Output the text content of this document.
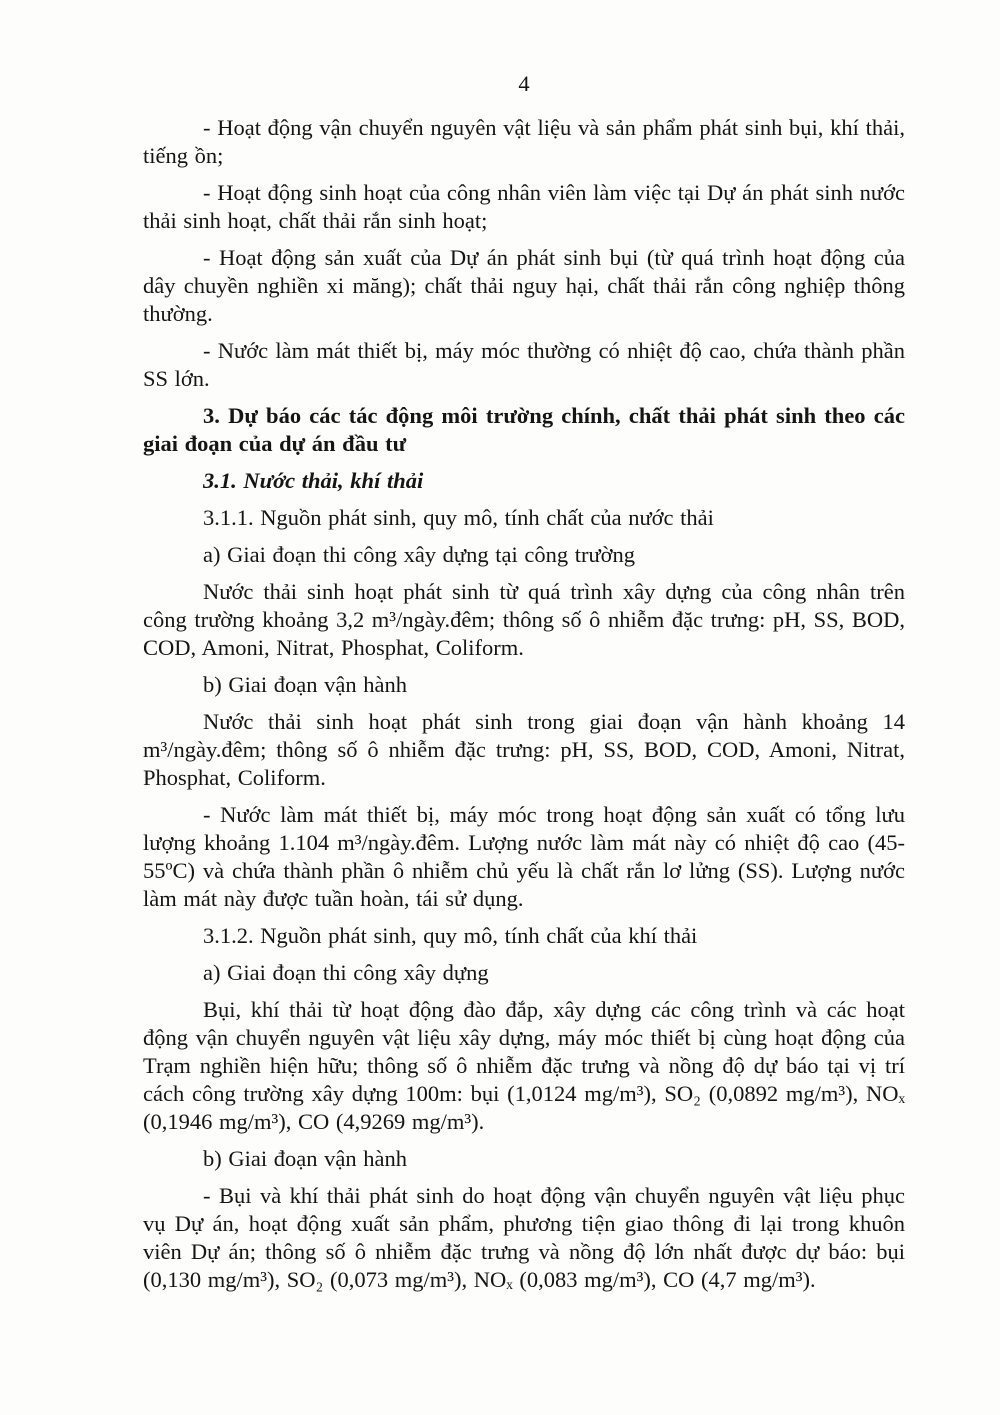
4

- Hoạt động vận chuyển nguyên vật liệu và sản phẩm phát sinh bụi, khí thải, tiếng ồn;

- Hoạt động sinh hoạt của công nhân viên làm việc tại Dự án phát sinh nước thải sinh hoạt, chất thải rắn sinh hoạt;

- Hoạt động sản xuất của Dự án phát sinh bụi (từ quá trình hoạt động của dây chuyền nghiền xi măng); chất thải nguy hại, chất thải rắn công nghiệp thông thường.

- Nước làm mát thiết bị, máy móc thường có nhiệt độ cao, chứa thành phần SS lớn.

3. Dự báo các tác động môi trường chính, chất thải phát sinh theo các giai đoạn của dự án đầu tư

3.1. Nước thải, khí thải

3.1.1. Nguồn phát sinh, quy mô, tính chất của nước thải

a) Giai đoạn thi công xây dựng tại công trường

Nước thải sinh hoạt phát sinh từ quá trình xây dựng của công nhân trên công trường khoảng 3,2 m³/ngày.đêm; thông số ô nhiễm đặc trưng: pH, SS, BOD, COD, Amoni, Nitrat, Phosphat, Coliform.

b) Giai đoạn vận hành

Nước thải sinh hoạt phát sinh trong giai đoạn vận hành khoảng 14 m³/ngày.đêm; thông số ô nhiễm đặc trưng: pH, SS, BOD, COD, Amoni, Nitrat, Phosphat, Coliform.

- Nước làm mát thiết bị, máy móc trong hoạt động sản xuất có tổng lưu lượng khoảng 1.104 m³/ngày.đêm. Lượng nước làm mát này có nhiệt độ cao (45-55ºC) và chứa thành phần ô nhiễm chủ yếu là chất rắn lơ lửng (SS). Lượng nước làm mát này được tuần hoàn, tái sử dụng.

3.1.2. Nguồn phát sinh, quy mô, tính chất của khí thải

a) Giai đoạn thi công xây dựng

Bụi, khí thải từ hoạt động đào đắp, xây dựng các công trình và các hoạt động vận chuyển nguyên vật liệu xây dựng, máy móc thiết bị cùng hoạt động của Trạm nghiền hiện hữu; thông số ô nhiễm đặc trưng và nồng độ dự báo tại vị trí cách công trường xây dựng 100m: bụi (1,0124 mg/m³), SO₂ (0,0892 mg/m³), NOₓ (0,1946 mg/m³), CO (4,9269 mg/m³).

b) Giai đoạn vận hành

- Bụi và khí thải phát sinh do hoạt động vận chuyển nguyên vật liệu phục vụ Dự án, hoạt động xuất sản phẩm, phương tiện giao thông đi lại trong khuôn viên Dự án; thông số ô nhiễm đặc trưng và nồng độ lớn nhất được dự báo: bụi (0,130 mg/m³), SO₂ (0,073 mg/m³), NOₓ (0,083 mg/m³), CO (4,7 mg/m³).
